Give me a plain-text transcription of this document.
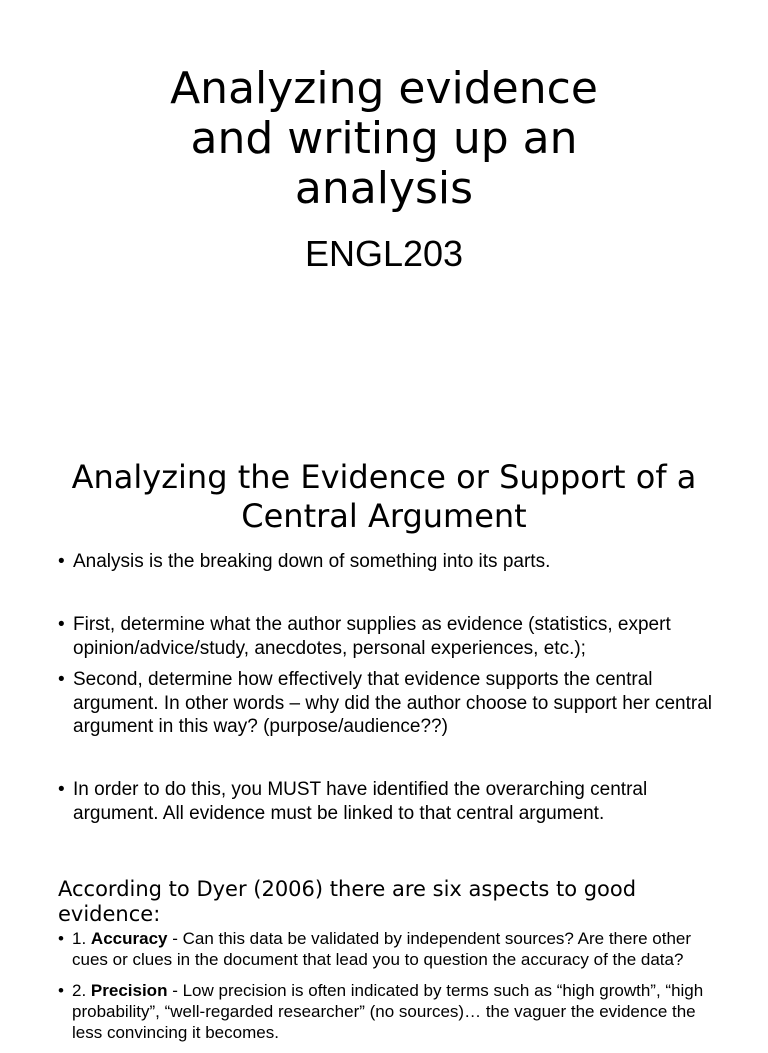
Analyzing evidence and writing up an analysis
ENGL203
Analyzing the Evidence or Support of a Central Argument
• Analysis is the breaking down of something into its parts.
• First, determine what the author supplies as evidence (statistics, expert opinion/advice/study, anecdotes, personal experiences, etc.);
• Second, determine how effectively that evidence supports the central argument. In other words – why did the author choose to support her central argument in this way? (purpose/audience??)
• In order to do this, you MUST have identified the overarching central argument. All evidence must be linked to that central argument.
According to Dyer (2006) there are six aspects to good evidence:
• 1. Accuracy - Can this data be validated by independent sources? Are there other cues or clues in the document that lead you to question the accuracy of the data?
• 2. Precision - Low precision is often indicated by terms such as “high growth”, “high probability”, “well-regarded researcher” (no sources)… the vaguer the evidence the less convincing it becomes.
